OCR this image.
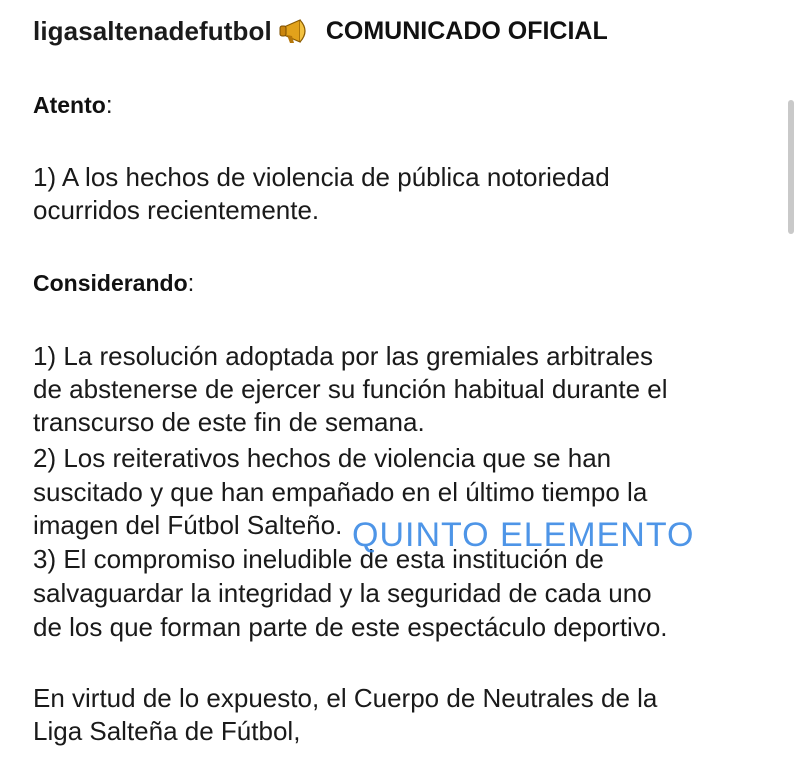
ligasaltenadefutbol COMUNICADO OFICIAL
Atento:
1) A los hechos de violencia de pública notoriedad
ocurridos recientemente.
Considerando:
1) La resolución adoptada por las gremiales arbitrales
de abstenerse de ejercer su función habitual durante el
transcurso de este fin de semana.
2) Los reiterativos hechos de violencia que se han
suscitado y que han empañado en el último tiempo la
imagen del Fútbol Salteño.
3) El compromiso ineludible de esta institución de
salvaguardar la integridad y la seguridad de cada uno
de los que forman parte de este espectáculo deportivo.
En virtud de lo expuesto, el Cuerpo de Neutrales de la
Liga Salteña de Fútbol,
QUINTO ELEMENTO
